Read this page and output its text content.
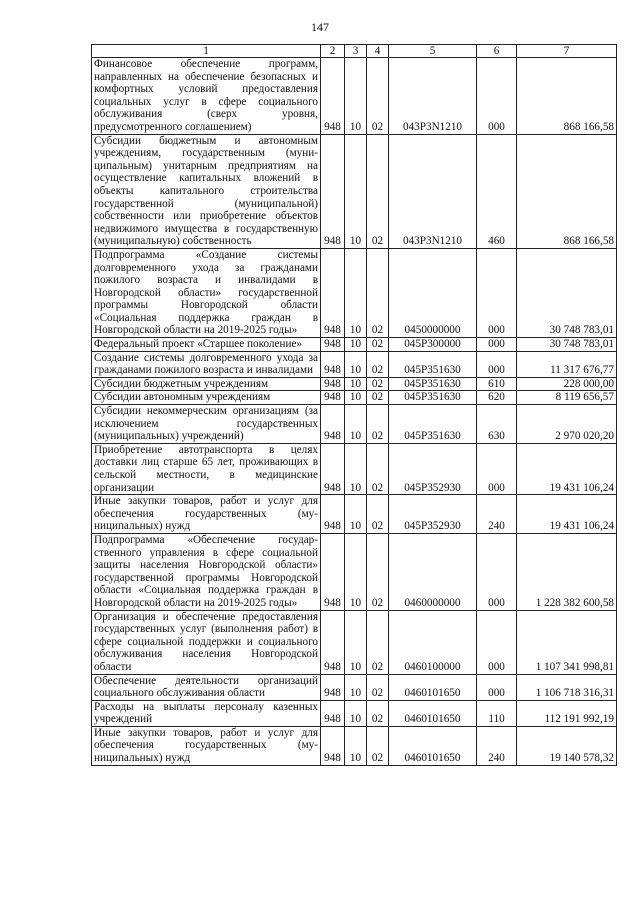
147
1	2	3	4	5	6	7
Финансовое обеспечение программ, направленных на обеспечение безопасных и комфортных условий предоставления социальных услуг в сфере социального обслуживания (сверх уровня, предусмотренного соглашением)	948	10	02	043P3N1210	000	868 166,58
Субсидии бюджетным и автономным учреждениям, государственным (муниципальным) унитарным предприятиям на осуществление капитальных вложений в объекты капитального строительства государственной (муниципальной) собственности или приобретение объектов недвижимого имущества в государственную (муниципальную) собственность	948	10	02	043P3N1210	460	868 166,58
Подпрограмма «Создание системы долговременного ухода за гражданами пожилого возраста и инвалидами в Новгородской области» государственной программы Новгородской области «Социальная поддержка граждан в Новгородской области на 2019-2025 годы»	948	10	02	0450000000	000	30 748 783,01
Федеральный проект «Старшее поколение»	948	10	02	045P300000	000	30 748 783,01
Создание системы долговременного ухода за гражданами пожилого возраста и инвалидами	948	10	02	045P351630	000	11 317 676,77
Субсидии бюджетным учреждениям	948	10	02	045P351630	610	228 000,00
Субсидии автономным учреждениям	948	10	02	045P351630	620	8 119 656,57
Субсидии некоммерческим организациям (за исключением государственных (муниципальных) учреждений)	948	10	02	045P351630	630	2 970 020,20
Приобретение автотранспорта в целях доставки лиц старше 65 лет, проживающих в сельской местности, в медицинские организации	948	10	02	045P352930	000	19 431 106,24
Иные закупки товаров, работ и услуг для обеспечения государственных (муниципальных) нужд	948	10	02	045P352930	240	19 431 106,24
Подпрограмма «Обеспечение государственного управления в сфере социальной защиты населения Новгородской области» государственной программы Новгородской области «Социальная поддержка граждан в Новгородской области на 2019-2025 годы»	948	10	02	0460000000	000	1 228 382 600,58
Организация и обеспечение предоставления государственных услуг (выполнения работ) в сфере социальной поддержки и социального обслуживания населения Новгородской области	948	10	02	0460100000	000	1 107 341 998,81
Обеспечение деятельности организаций социального обслуживания области	948	10	02	0460101650	000	1 106 718 316,31
Расходы на выплаты персоналу казенных учреждений	948	10	02	0460101650	110	112 191 992,19
Иные закупки товаров, работ и услуг для обеспечения государственных (муниципальных) нужд	948	10	02	0460101650	240	19 140 578,32
